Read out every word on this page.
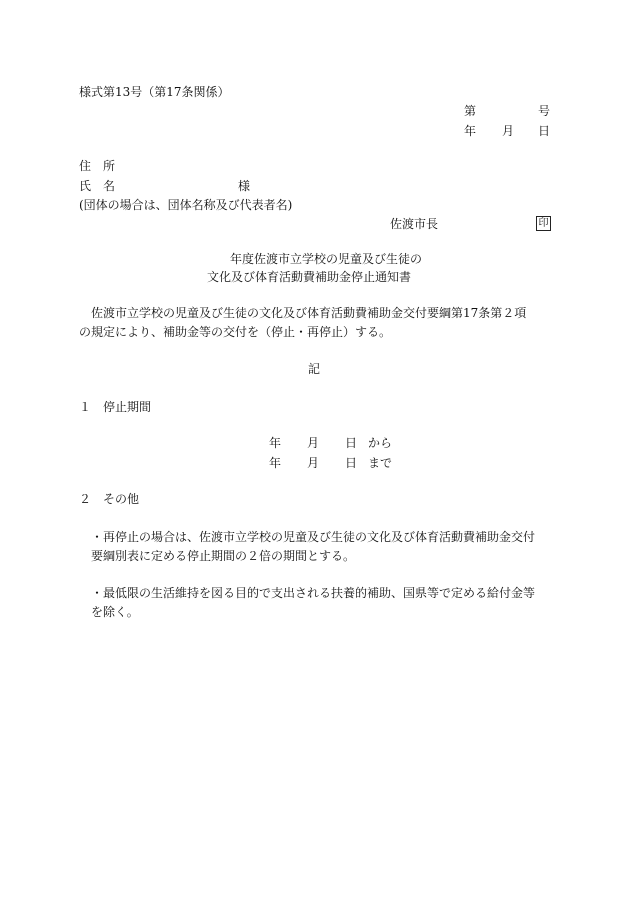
様式第13号（第17条関係）
第	号
年 月 日
住　所
氏　名	様
(団体の場合は、団体名称及び代表者名)
佐渡市長	印
年度佐渡市立学校の児童及び生徒の
文化及び体育活動費補助金停止通知書
佐渡市立学校の児童及び生徒の文化及び体育活動費補助金交付要綱第17条第２項
の規定により、補助金等の交付を（停止・再停止）する。
記
１　停止期間
年 月 日 から
年 月 日 まで
２　その他
・再停止の場合は、佐渡市立学校の児童及び生徒の文化及び体育活動費補助金交付
要綱別表に定める停止期間の２倍の期間とする。
・最低限の生活維持を図る目的で支出される扶養的補助、国県等で定める給付金等
を除く。
